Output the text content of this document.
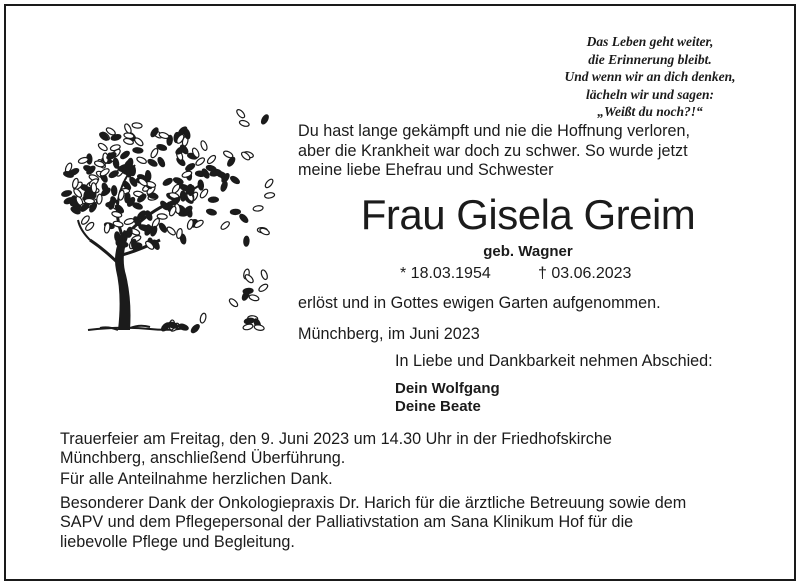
Das Leben geht weiter,
die Erinnerung bleibt.
Und wenn wir an dich denken,
lächeln wir und sagen:
„Weißt du noch?!“
Du hast lange gekämpft und nie die Hoffnung verloren,
aber die Krankheit war doch zu schwer. So wurde jetzt
meine liebe Ehefrau und Schwester
Frau Gisela Greim
geb. Wagner
* 18.03.1954	† 03.06.2023
erlöst und in Gottes ewigen Garten aufgenommen.
Münchberg, im Juni 2023
In Liebe und Dankbarkeit nehmen Abschied:
Dein Wolfgang
Deine Beate
Trauerfeier am Freitag, den 9. Juni 2023 um 14.30 Uhr in der Friedhofskirche
Münchberg, anschließend Überführung.
Für alle Anteilnahme herzlichen Dank.
Besonderer Dank der Onkologiepraxis Dr. Harich für die ärztliche Betreuung sowie dem
SAPV und dem Pflegepersonal der Palliativstation am Sana Klinikum Hof für die
liebevolle Pflege und Begleitung.
